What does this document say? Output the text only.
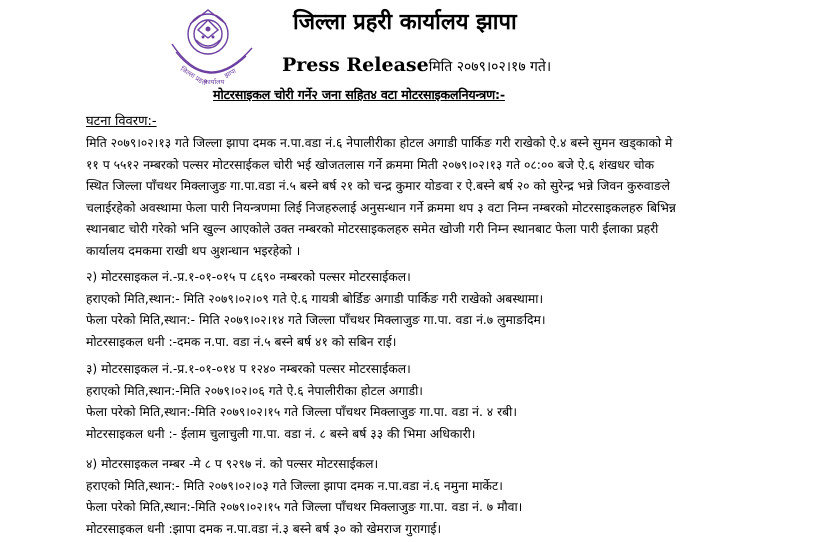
जिल्ला प्रहरी
कार्यालय
झापा
जिल्ला प्रहरी कार्यालय झापा
Press Releaseमिति २०७९।०२।१७ गते।
मोटरसाइकल चोरी गर्ने२ जना सहित४ वटा मोटरसाइकलनियन्त्रण:-
घटना विवरण:-
मिति २०७९।०२।१३ गते जिल्ला झापा दमक न.पा.वडा नं.६ नेपालीरीका होटल अगाडी पार्किङ गरी राखेको ऐ.४ बस्ने सुमन खड्काको मे
११ प ५५१२ नम्बरको पल्सर मोटरसाईकल चोरी भई खोजतलास गर्ने क्रममा मिती २०७९।०२।१३ गते ०८:०० बजे ऐ.६ शंखधर चोक
स्थित जिल्ला पाँचथर मिक्लाजुङ गा.पा.वडा नं.५ बस्ने बर्ष २१ को चन्द्र कुमार योङवा र ऐ.बस्ने बर्ष २० को सुरेन्द्र भन्ने जिवन कुरुवाङले
चलाईरहेको अवस्थामा फेला पारी नियन्त्रणमा लिई निजहरुलाई अनुसन्धान गर्ने क्रममा थप ३ वटा निम्न नम्बरको मोटरसाइकलहरु बिभिन्न
स्थानबाट चोरी गरेको भनि खुल्न आएकोले उक्त नम्बरको मोटरसाइकलहरु समेत खोजी गरी निम्न स्थानबाट फेला पारी ईलाका प्रहरी
कार्यालय दमकमा राखी थप अुशन्धान भइरहेको ।
२) मोटरसाइकल नं.-प्र.१-०१-०१५ प ८६९० नम्बरको पल्सर मोटरसाईकल।
हराएको मिति,स्थान:- मिति २०७९।०२।०९ गते ऐ.६ गायत्री बोर्डिङ अगाडी पार्किङ गरी राखेको अबस्थामा।
फेला परेको मिति,स्थान:- मिति २०७९।०२।१४ गते जिल्ला पाँचथर मिक्लाजुङ गा.पा. वडा नं.७ लुमाङदिम।
मोटरसाइकल धनी :-दमक न.पा. वडा नं.५ बस्ने बर्ष ४१ को सबिन राई।
३) मोटरसाइकल नं.-प्र.१-०१-०१४ प १२४० नम्बरको पल्सर मोटरसाईकल।
हराएको मिति,स्थान:-मिति २०७९।०२।०६ गते ऐ.६ नेपालीरीका होटल अगाडी।
फेला परेको मिति,स्थान:-मिति २०७९।०२।१५ गते जिल्ला पाँचथर मिक्लाजुङ गा.पा. वडा नं. ४ रबी।
मोटरसाइकल धनी :- ईलाम चुलाचुली गा.पा. वडा नं. ८ बस्ने बर्ष ३३ की भिमा अधिकारी।
४) मोटरसाइकल नम्बर -मे ८ प ९२९७ नं. को पल्सर मोटरसाईकल।
हराएको मिति,स्थान:- मिति २०७९।०२।०३ गते जिल्ला झापा दमक न.पा.वडा नं.६ नमुना मार्केट।
फेला परेको मिति,स्थान:-मिति २०७९।०२।१५ गते जिल्ला पाँचथर मिक्लाजुङ गा.पा. वडा नं. ७ मौवा।
मोटरसाइकल धनी :झापा दमक न.पा.वडा नं.३ बस्ने बर्ष ३० को खेमराज गुरागाई।
